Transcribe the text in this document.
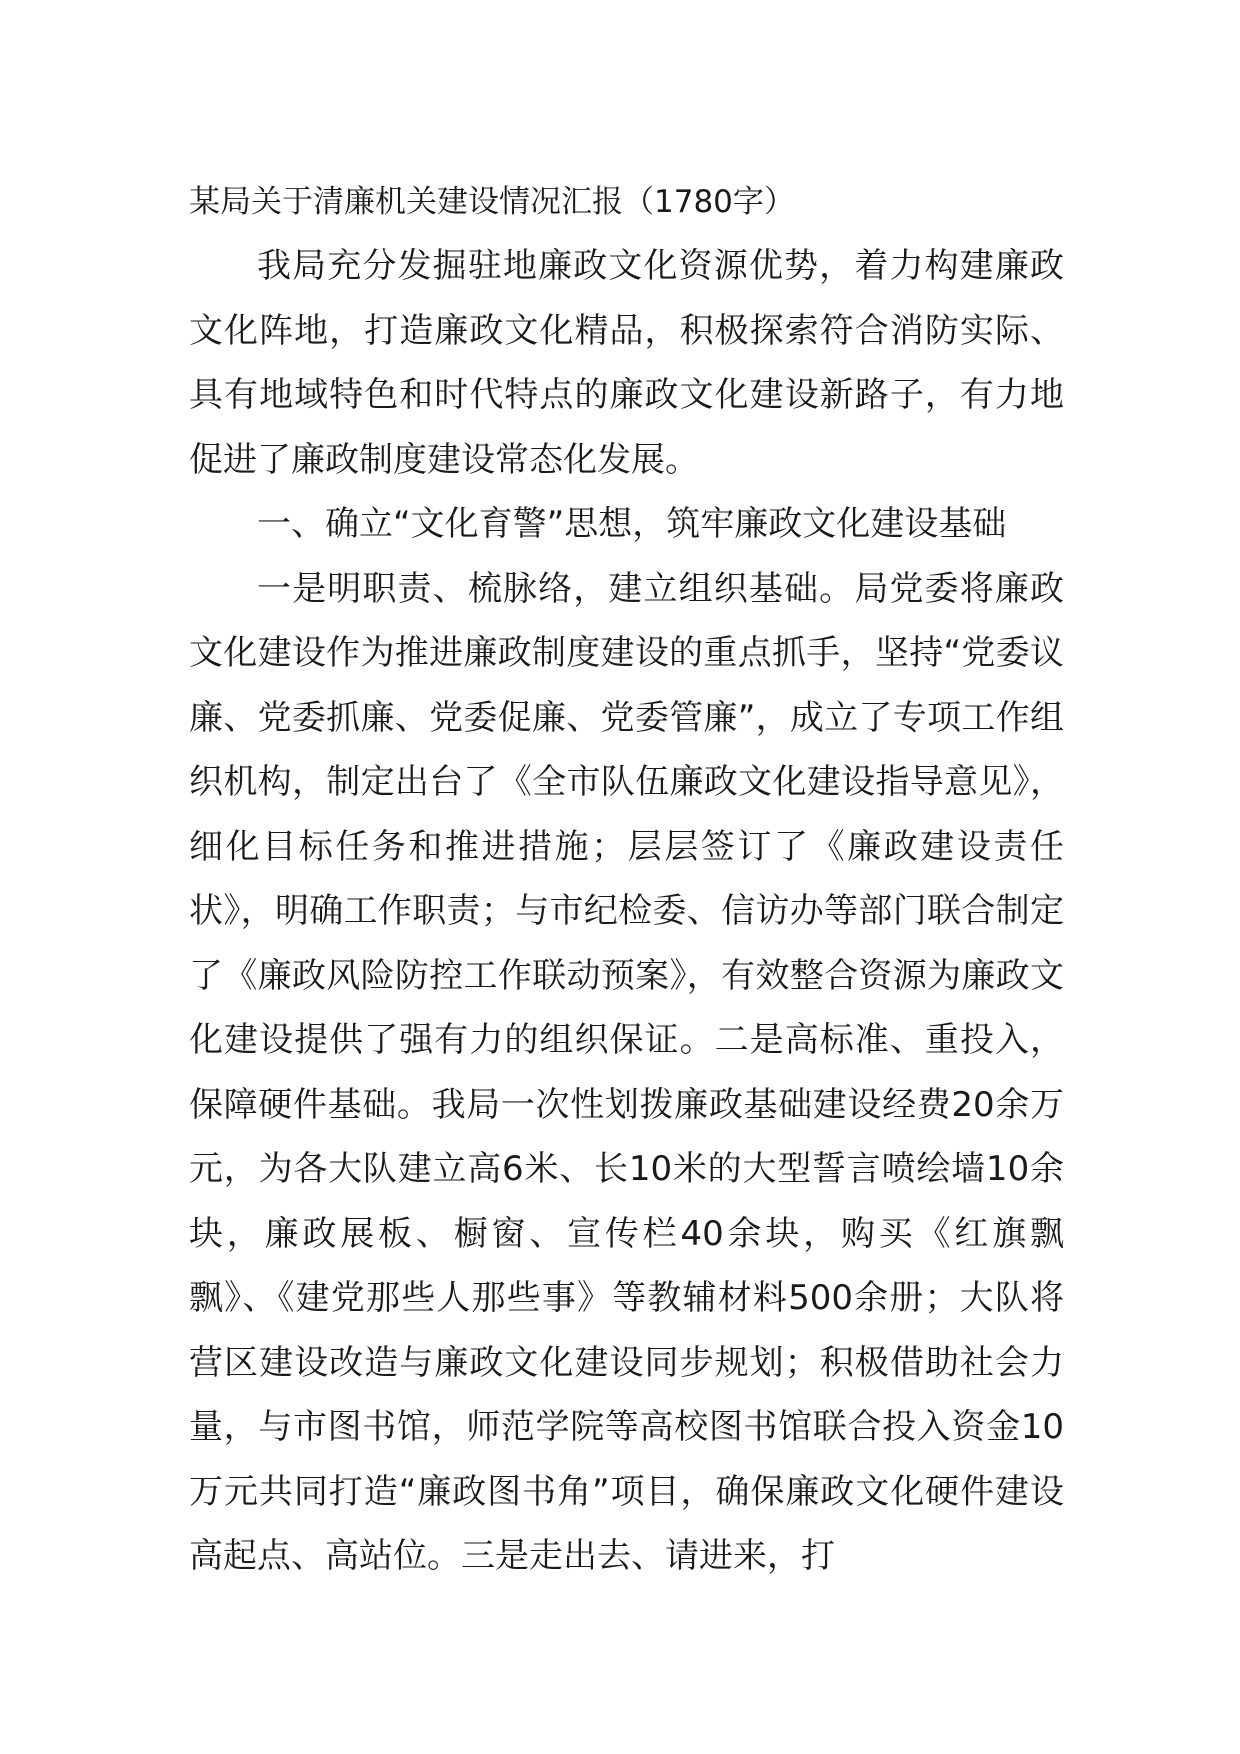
某局关于清廉机关建设情况汇报（1780字）

我局充分发掘驻地廉政文化资源优势，着力构建廉政文化阵地，打造廉政文化精品，积极探索符合消防实际、具有地域特色和时代特点的廉政文化建设新路子，有力地促进了廉政制度建设常态化发展。

一、确立“文化育警”思想，筑牢廉政文化建设基础

一是明职责、梳脉络，建立组织基础。局党委将廉政文化建设作为推进廉政制度建设的重点抓手，坚持“党委议廉、党委抓廉、党委促廉、党委管廉”，成立了专项工作组织机构，制定出台了《全市队伍廉政文化建设指导意见》，细化目标任务和推进措施；层层签订了《廉政建设责任状》，明确工作职责；与市纪检委、信访办等部门联合制定了《廉政风险防控工作联动预案》，有效整合资源为廉政文化建设提供了强有力的组织保证。二是高标准、重投入，保障硬件基础。我局一次性划拨廉政基础建设经费20余万元，为各大队建立高6米、长10米的大型誓言喷绘墙10余块，廉政展板、橱窗、宣传栏40余块，购买《红旗飘飘》、《建党那些人那些事》等教辅材料500余册；大队将营区建设改造与廉政文化建设同步规划；积极借助社会力量，与市图书馆，师范学院等高校图书馆联合投入资金10万元共同打造“廉政图书角”项目，确保廉政文化硬件建设高起点、高站位。三是走出去、请进来，打
